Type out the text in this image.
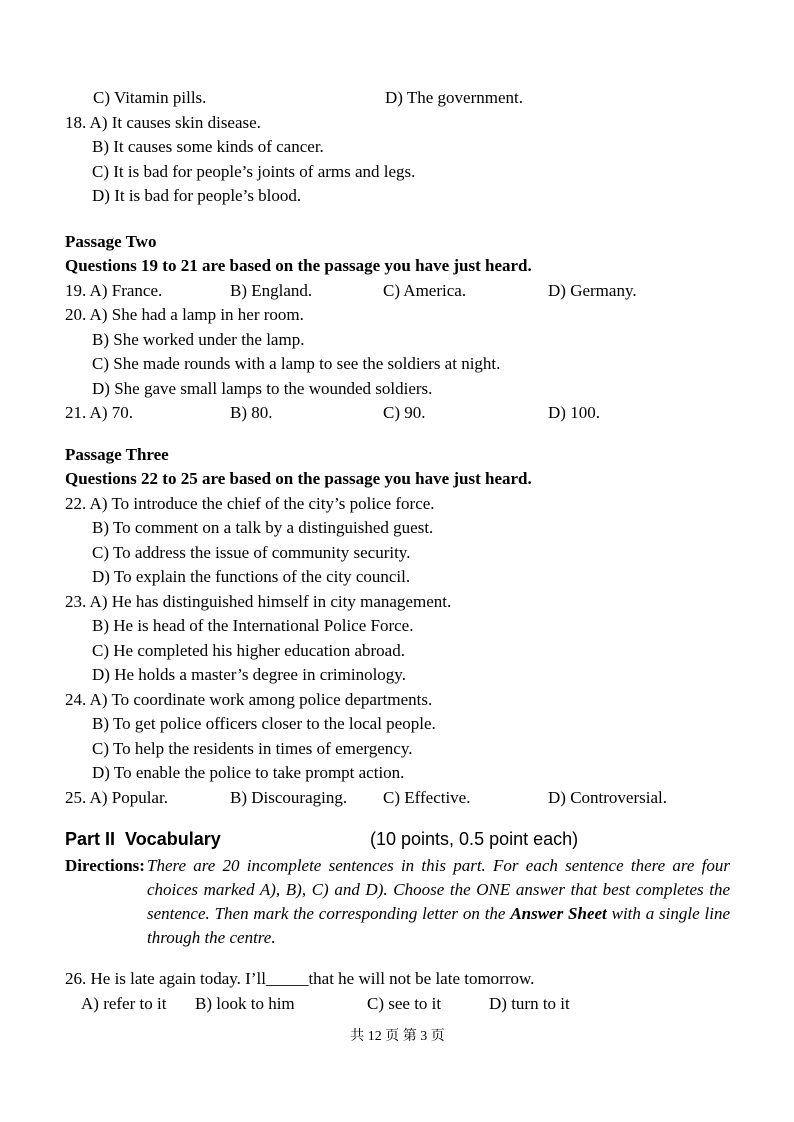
C) Vitamin pills.	D) The government.
18. A) It causes skin disease.
B) It causes some kinds of cancer.
C) It is bad for people’s joints of arms and legs.
D) It is bad for people’s blood.
Passage Two
Questions 19 to 21 are based on the passage you have just heard.
19. A) France.	B) England.	C) America.	D) Germany.
20. A) She had a lamp in her room.
B) She worked under the lamp.
C) She made rounds with a lamp to see the soldiers at night.
D) She gave small lamps to the wounded soldiers.
21. A) 70.	B) 80.	C) 90.	D) 100.
Passage Three
Questions 22 to 25 are based on the passage you have just heard.
22. A) To introduce the chief of the city’s police force.
B) To comment on a talk by a distinguished guest.
C) To address the issue of community security.
D) To explain the functions of the city council.
23. A) He has distinguished himself in city management.
B) He is head of the International Police Force.
C) He completed his higher education abroad.
D) He holds a master’s degree in criminology.
24. A) To coordinate work among police departments.
B) To get police officers closer to the local people.
C) To help the residents in times of emergency.
D) To enable the police to take prompt action.
25. A) Popular.	B) Discouraging. C) Effective.	D) Controversial.
Part II  Vocabulary	(10 points, 0.5 point each)
Directions: There are 20 incomplete sentences in this part. For each sentence there are four choices marked A), B), C) and D). Choose the ONE answer that best completes the sentence. Then mark the corresponding letter on the Answer Sheet with a single line through the centre.
26. He is late again today. I’ll_____that he will not be late tomorrow.
A) refer to it B) look to him	C) see to it	D) turn to it
共 12 页 第 3 页
